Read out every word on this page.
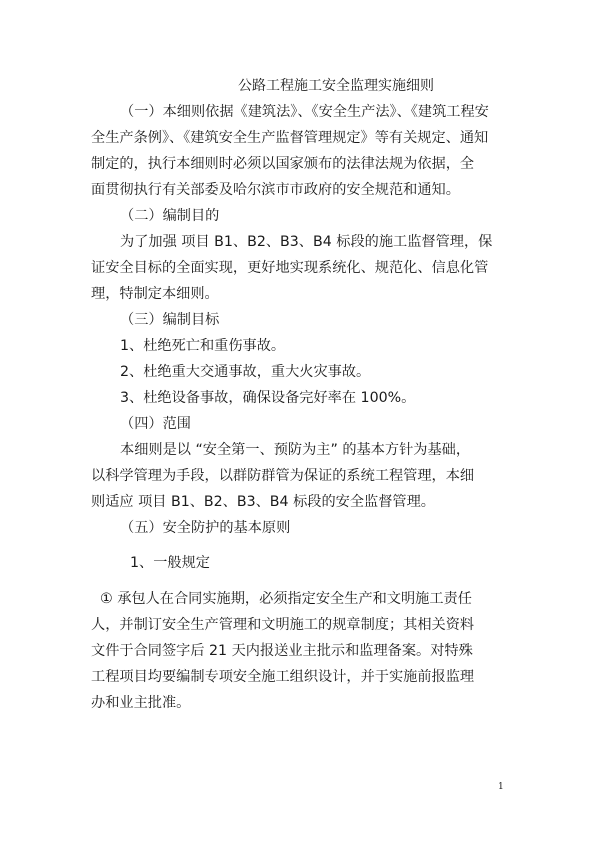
公路工程施工安全监理实施细则
（一）本细则依据《建筑法》、《安全生产法》、《建筑工程安
全生产条例》、《建筑安全生产监督管理规定》等有关规定、通知
制定的，执行本细则时必须以国家颁布的法律法规为依据，全
面贯彻执行有关部委及哈尔滨市市政府的安全规范和通知。
（二）编制目的
为了加强 项目 B1、B2、B3、B4 标段的施工监督管理，保
证安全目标的全面实现，更好地实现系统化、规范化、信息化管
理，特制定本细则。
（三）编制目标
1、杜绝死亡和重伤事故。
2、杜绝重大交通事故，重大火灾事故。
3、杜绝设备事故，确保设备完好率在 100%。
（四）范围
本细则是以 “安全第一、预防为主” 的基本方针为基础，
以科学管理为手段，以群防群管为保证的系统工程管理，本细
则适应 项目 B1、B2、B3、B4 标段的安全监督管理。
（五）安全防护的基本原则
1、一般规定
① 承包人在合同实施期，必须指定安全生产和文明施工责任
人，并制订安全生产管理和文明施工的规章制度；其相关资料
文件于合同签字后 21 天内报送业主批示和监理备案。对特殊
工程项目均要编制专项安全施工组织设计，并于实施前报监理
办和业主批准。
1
